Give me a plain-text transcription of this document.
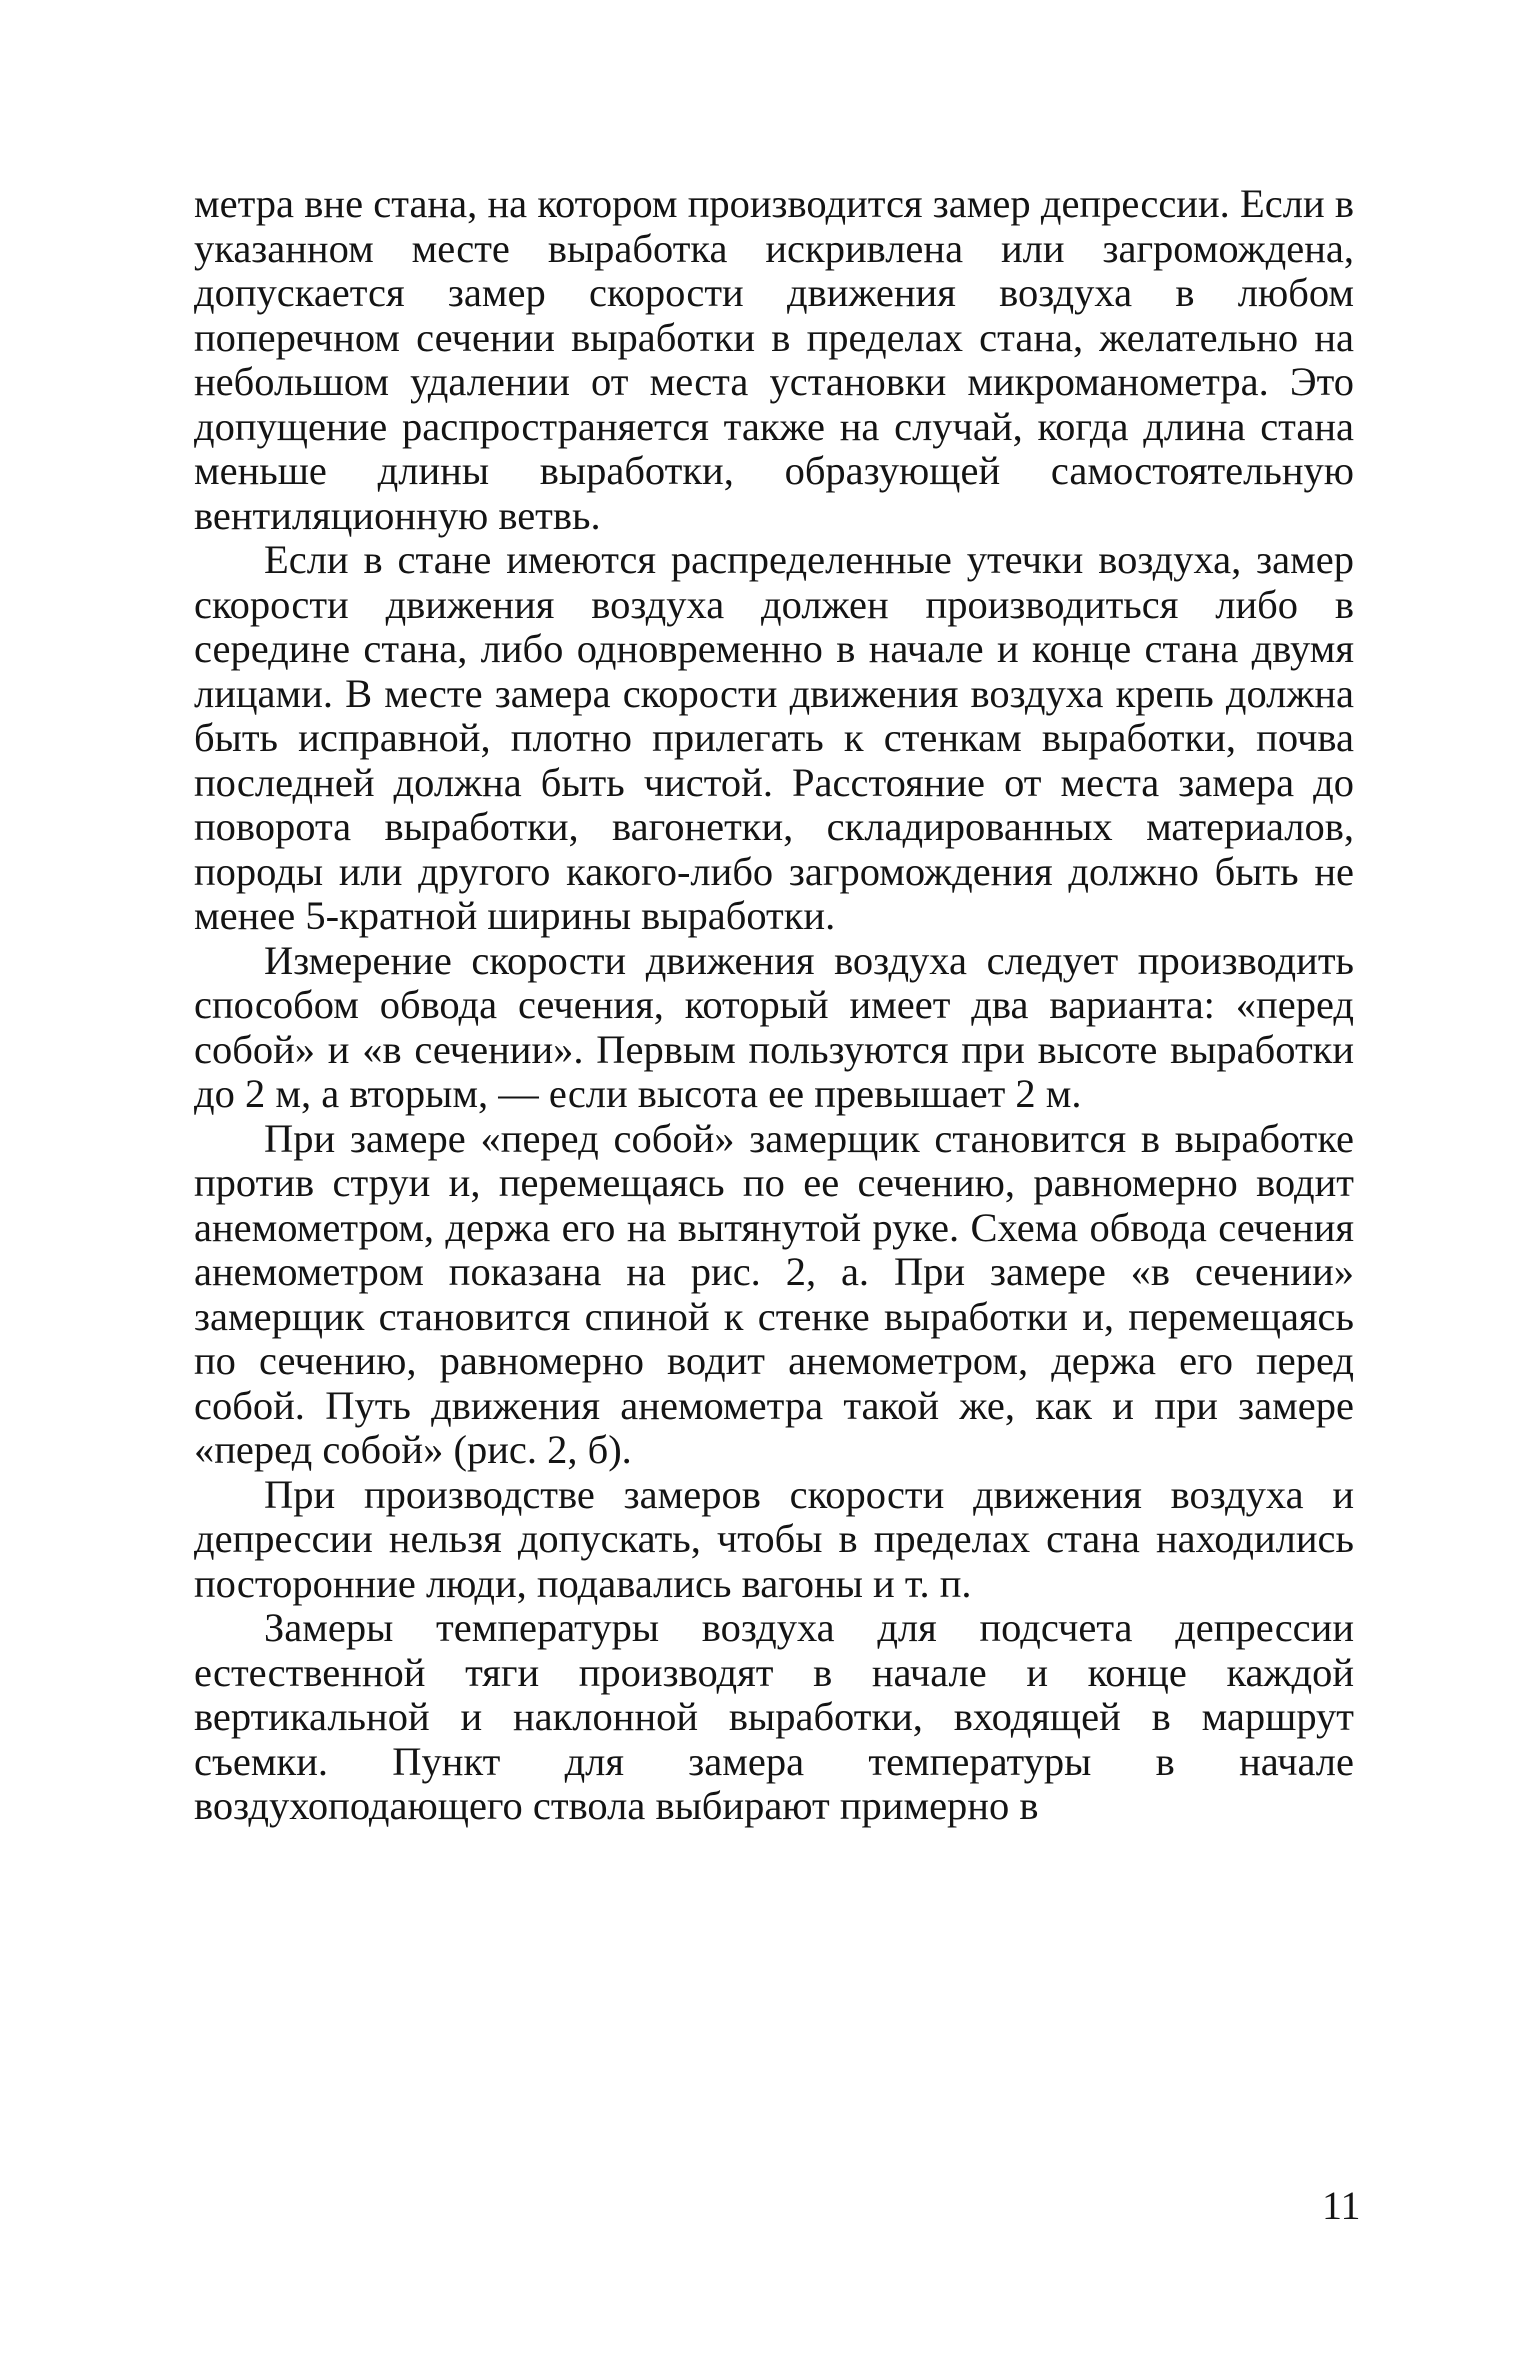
метра вне стана, на котором производится замер депрессии. Если в указанном месте выработка искривлена или загромождена, допускается замер скорости движения воздуха в любом поперечном сечении выработки в пределах стана, желательно на небольшом удалении от места установки микроманометра. Это допущение распространяется также на случай, когда длина стана меньше длины выработки, образующей самостоятельную вентиляционную ветвь.

Если в стане имеются распределенные утечки воздуха, замер скорости движения воздуха должен производиться либо в середине стана, либо одновременно в начале и конце стана двумя лицами. В месте замера скорости движения воздуха крепь должна быть исправной, плотно прилегать к стенкам выработки, почва последней должна быть чистой. Расстояние от места замера до поворота выработки, вагонетки, складированных материалов, породы или другого какого-либо загромождения должно быть не менее 5-кратной ширины выработки.

Измерение скорости движения воздуха следует производить способом обвода сечения, который имеет два варианта: «перед собой» и «в сечении». Первым пользуются при высоте выработки до 2 м, а вторым, — если высота ее превышает 2 м.

При замере «перед собой» замерщик становится в выработке против струи и, перемещаясь по ее сечению, равномерно водит анемометром, держа его на вытянутой руке. Схема обвода сечения анемометром показана на рис. 2, а. При замере «в сечении» замерщик становится спиной к стенке выработки и, перемещаясь по сечению, равномерно водит анемометром, держа его перед собой. Путь движения анемометра такой же, как и при замере «перед собой» (рис. 2, б).

При производстве замеров скорости движения воздуха и депрессии нельзя допускать, чтобы в пределах стана находились посторонние люди, подавались вагоны и т. п.

Замеры температуры воздуха для подсчета депрессии естественной тяги производят в начале и конце каждой вертикальной и наклонной выработки, входящей в маршрут съемки. Пункт для замера температуры в начале воздухоподающего ствола выбирают примерно в

11
